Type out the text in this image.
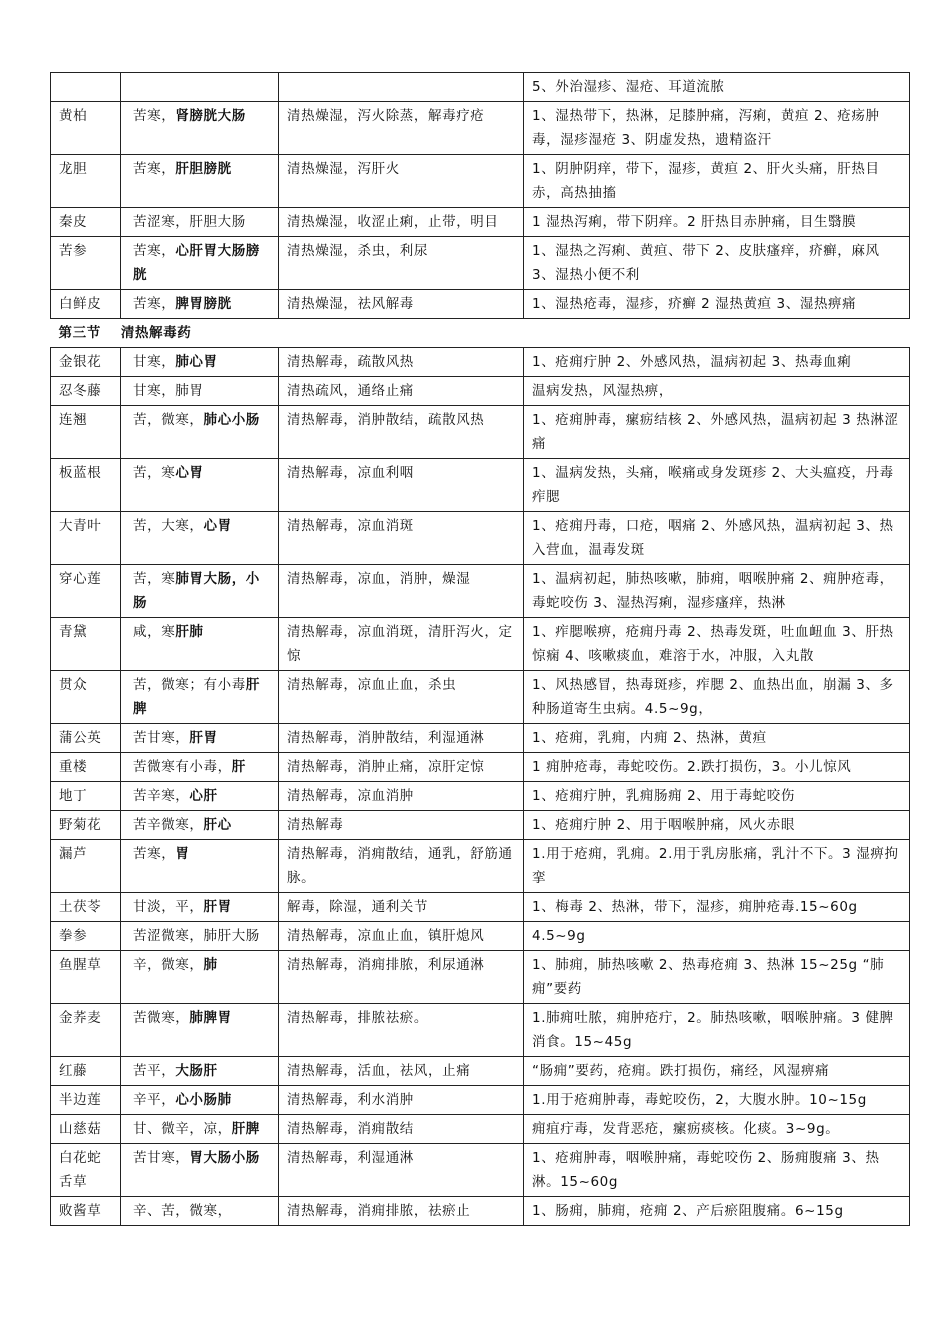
			5、外治湿疹、湿疮、耳道流脓
黄柏	苦寒，肾膀胱大肠	清热燥湿，泻火除蒸，解毒疗疮	1、湿热带下，热淋，足膝肿痛，泻痢，黄疸 2、疮疡肿毒，湿疹湿疮 3、阴虚发热，遗精盗汗
龙胆	苦寒，肝胆膀胱	清热燥湿，泻肝火	1、阴肿阴痒，带下，湿疹，黄疸 2、肝火头痛，肝热目赤，高热抽搐
秦皮	苦涩寒，肝胆大肠	清热燥湿，收涩止痢，止带，明目	1 湿热泻痢，带下阴痒。2 肝热目赤肿痛，目生翳膜
苦参	苦寒，心肝胃大肠膀胱	清热燥湿，杀虫，利尿	1、湿热之泻痢、黄疸、带下 2、皮肤瘙痒，疥癣，麻风 3、湿热小便不利
白鲜皮	苦寒，脾胃膀胱	清热燥湿，祛风解毒	1、湿热疮毒，湿疹，疥癣 2 湿热黄疸 3、湿热痹痛
第三节 清热解毒药			
金银花	甘寒，肺心胃	清热解毒，疏散风热	1、疮痈疔肿 2、外感风热，温病初起 3、热毒血痢
忍冬藤	甘寒，肺胃	清热疏风，通络止痛	温病发热，风湿热痹，
连翘	苦，微寒，肺心小肠	清热解毒，消肿散结，疏散风热	1、疮痈肿毒，瘰疬结核 2、外感风热，温病初起 3 热淋涩痛
板蓝根	苦，寒心胃	清热解毒，凉血利咽	1、温病发热，头痛，喉痛或身发斑疹 2、大头瘟疫，丹毒痄腮
大青叶	苦，大寒，心胃	清热解毒，凉血消斑	1、疮痈丹毒，口疮，咽痛 2、外感风热，温病初起 3、热入营血，温毒发斑
穿心莲	苦，寒肺胃大肠，小肠	清热解毒，凉血，消肿，燥湿	1、温病初起，肺热咳嗽，肺痈，咽喉肿痛 2、痈肿疮毒，毒蛇咬伤 3、湿热泻痢，湿疹瘙痒，热淋
青黛	咸，寒肝肺	清热解毒，凉血消斑，清肝泻火，定惊	1、痄腮喉痹，疮痈丹毒 2、热毒发斑，吐血衄血 3、肝热惊痫 4、咳嗽痰血，难溶于水，冲服，入丸散
贯众	苦，微寒；有小毒肝脾	清热解毒，凉血止血，杀虫	1、风热感冒，热毒斑疹，痄腮 2、血热出血，崩漏 3、多种肠道寄生虫病。4.5~9g，
蒲公英	苦甘寒，肝胃	清热解毒，消肿散结，利湿通淋	1、疮痈，乳痈，内痈 2、热淋，黄疸
重楼	苦微寒有小毒，肝	清热解毒，消肿止痛，凉肝定惊	1 痈肿疮毒，毒蛇咬伤。2.跌打损伤，3。小儿惊风
地丁	苦辛寒，心肝	清热解毒，凉血消肿	1、疮痈疔肿，乳痈肠痈 2、用于毒蛇咬伤
野菊花	苦辛微寒，肝心	清热解毒	1、疮痈疔肿 2、用于咽喉肿痛，风火赤眼
漏芦	苦寒，胃	清热解毒，消痈散结，通乳，舒筋通脉。	1.用于疮痈，乳痈。2.用于乳房胀痛，乳汁不下。3 湿痹拘挛
土茯苓	甘淡，平，肝胃	解毒，除湿，通利关节	1、梅毒 2、热淋，带下，湿疹，痈肿疮毒.15~60g
拳参	苦涩微寒，肺肝大肠	清热解毒，凉血止血，镇肝熄风	4.5~9g
鱼腥草	辛，微寒，肺	清热解毒，消痈排脓，利尿通淋	1、肺痈，肺热咳嗽 2、热毒疮痈 3、热淋 15~25g “肺痈”要药
金荞麦	苦微寒，肺脾胃	清热解毒，排脓祛瘀。	1.肺痈吐脓，痈肿疮疔，2。肺热咳嗽，咽喉肿痛。3 健脾消食。15~45g
红藤	苦平，大肠肝	清热解毒，活血，祛风，止痛	“肠痈”要药，疮痈。跌打损伤，痛经，风湿痹痛
半边莲	辛平，心小肠肺	清热解毒，利水消肿	1.用于疮痈肿毒，毒蛇咬伤，2，大腹水肿。10~15g
山慈菇	甘、微辛，凉，肝脾	清热解毒，消痈散结	痈疽疔毒，发背恶疮，瘰疬痰核。化痰。3~9g。
白花蛇舌草	苦甘寒，胃大肠小肠	清热解毒，利湿通淋	1、疮痈肿毒，咽喉肿痛，毒蛇咬伤 2、肠痈腹痛 3、热淋。15~60g
败酱草	辛、苦，微寒，	清热解毒，消痈排脓，祛瘀止	1、肠痈，肺痈，疮痈 2、产后瘀阻腹痛。6~15g
